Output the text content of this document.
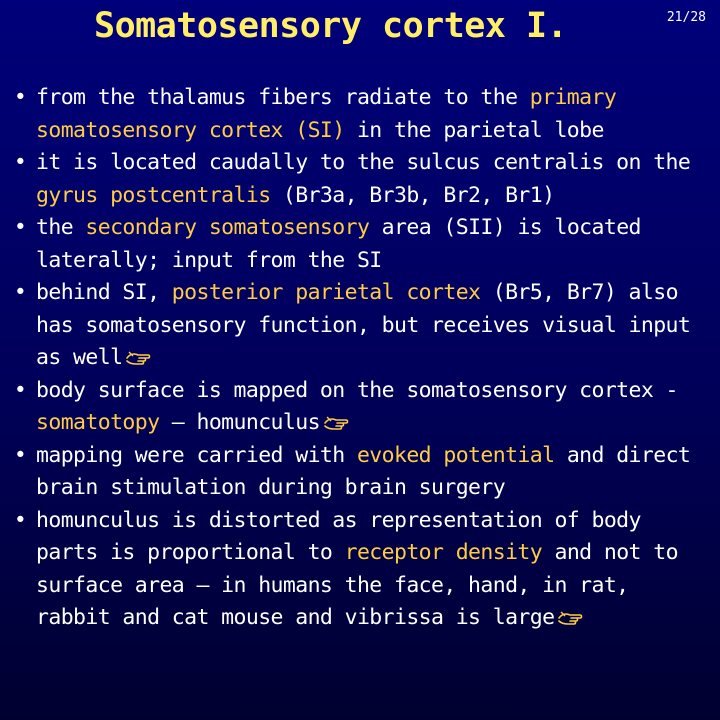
Somatosensory cortex I.	21/28
• from the thalamus fibers radiate to the primary somatosensory cortex (SI) in the parietal lobe
• it is located caudally to the sulcus centralis on the gyrus postcentralis (Br3a, Br3b, Br2, Br1)
• the secondary somatosensory area (SII) is located laterally; input from the SI
• behind SI, posterior parietal cortex (Br5, Br7) also has somatosensory function, but receives visual input as well
• body surface is mapped on the somatosensory cortex - somatotopy – homunculus
• mapping were carried with evoked potential and direct brain stimulation during brain surgery
• homunculus is distorted as representation of body parts is proportional to receptor density and not to surface area – in humans the face, hand, in rat, rabbit and cat mouse and vibrissa is large
